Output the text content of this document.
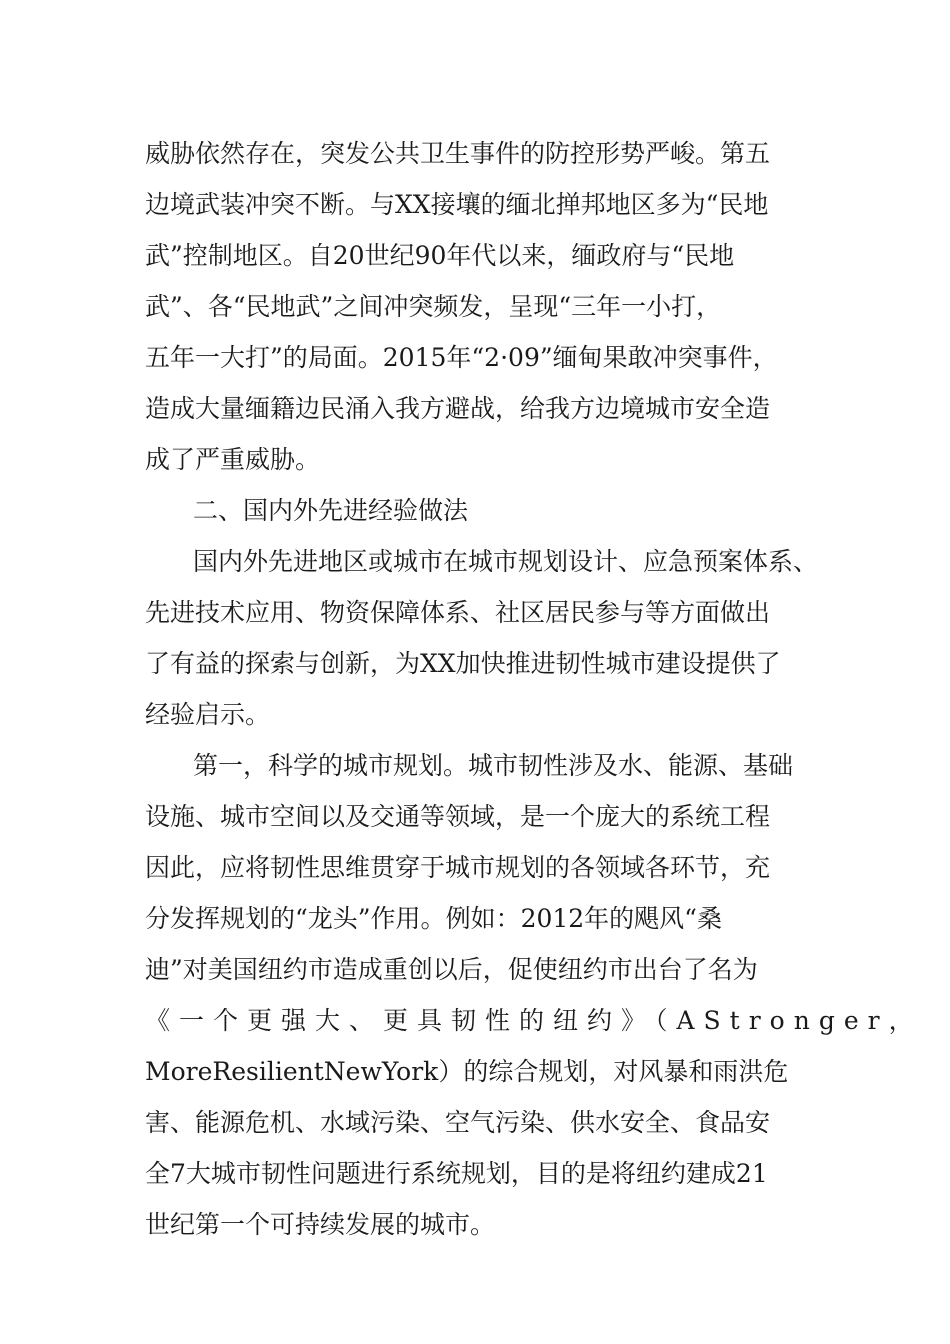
威胁依然存在，突发公共卫生事件的防控形势严峻。第五
边境武装冲突不断。与XX接壤的缅北掸邦地区多为“民地
武”控制地区。自20世纪90年代以来，缅政府与“民地
武”、各“民地武”之间冲突频发，呈现“三年一小打，
五年一大打”的局面。2015年“2·09”缅甸果敢冲突事件，
造成大量缅籍边民涌入我方避战，给我方边境城市安全造
成了严重威胁。
二、国内外先进经验做法
国内外先进地区或城市在城市规划设计、应急预案体系、
先进技术应用、物资保障体系、社区居民参与等方面做出
了有益的探索与创新，为XX加快推进韧性城市建设提供了
经验启示。
第一，科学的城市规划。城市韧性涉及水、能源、基础
设施、城市空间以及交通等领域，是一个庞大的系统工程
因此，应将韧性思维贯穿于城市规划的各领域各环节，充
分发挥规划的“龙头”作用。例如：2012年的飓风“桑
迪”对美国纽约市造成重创以后，促使纽约市出台了名为
《一个更强大、更具韧性的纽约》（AStronger，
MoreResilientNewYork）的综合规划，对风暴和雨洪危
害、能源危机、水域污染、空气污染、供水安全、食品安
全7大城市韧性问题进行系统规划，目的是将纽约建成21
世纪第一个可持续发展的城市。
